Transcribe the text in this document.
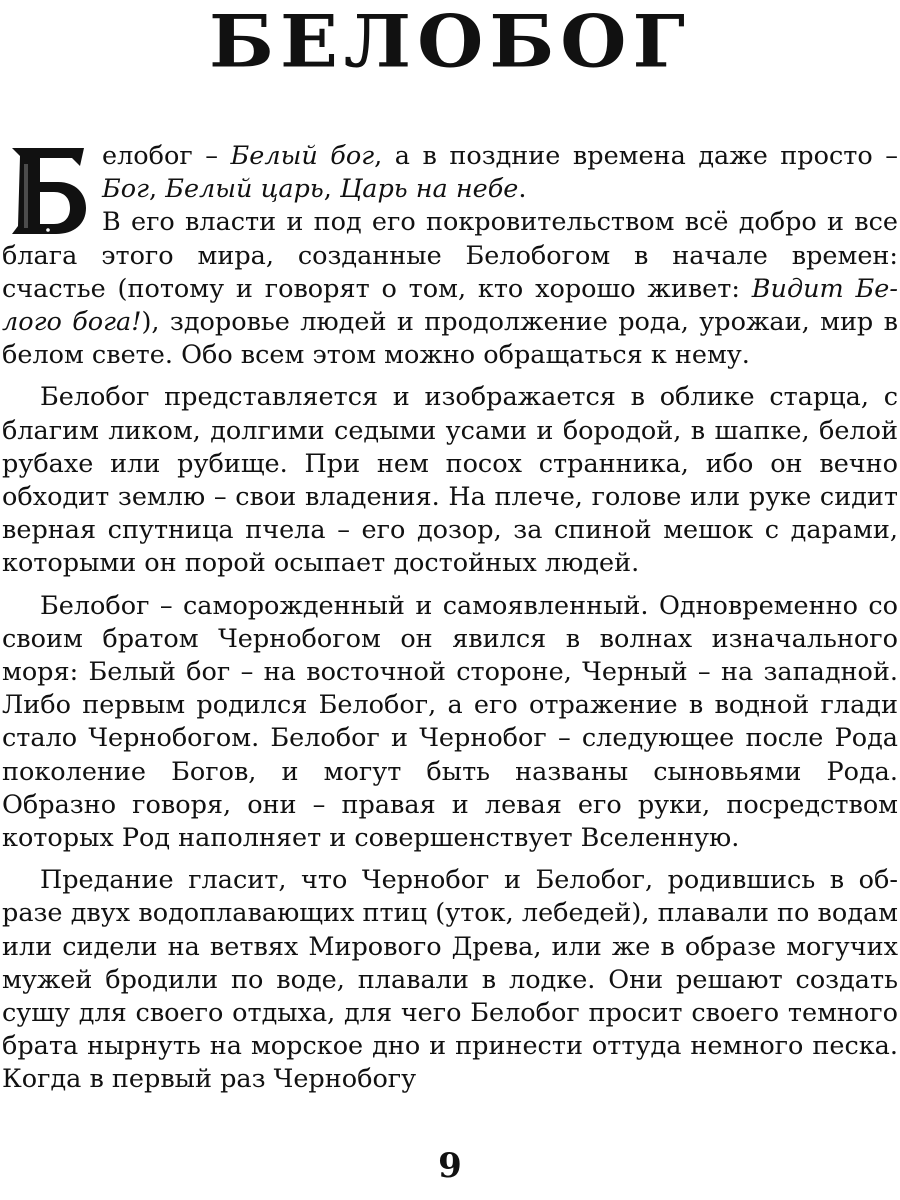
БЕЛОБОГ

елобог – Белый бог, а в поздние времена даже просто – Бог, Белый царь, Царь на небе.

В его власти и под его покровительством всё добро и все блага этого мира, созданные Белобогом в начале времен: счастье (потому и говорят о том, кто хорошо живет: Видит Белого бога!), здоровье людей и продолжение рода, урожаи, мир в белом свете. Обо всем этом можно обращаться к нему.

Белобог представляется и изображается в облике старца, с благим ликом, долгими седыми усами и бородой, в шапке, белой рубахе или рубище. При нем посох странника, ибо он вечно обходит землю – свои владения. На плече, голове или руке сидит верная спутница пчела – его дозор, за спиной мешок с дарами, которыми он порой осыпает достойных людей.

Белобог – саморожденный и самоявленный. Одновременно со своим братом Чернобогом он явился в волнах изначального моря: Белый бог – на восточной стороне, Черный – на западной. Либо первым родился Белобог, а его отражение в водной глади стало Чернобогом. Белобог и Чернобог – следующее после Рода поколение Богов, и могут быть названы сыновьями Рода. Образно говоря, они – правая и левая его руки, посредством которых Род наполняет и совершенствует Вселенную.

Предание гласит, что Чернобог и Белобог, родившись в образе двух водоплавающих птиц (уток, лебедей), плавали по водам или сидели на ветвях Мирового Древа, или же в образе могучих мужей бродили по воде, плавали в лодке. Они решают создать сушу для своего отдыха, для чего Белобог просит своего темного брата нырнуть на морское дно и принести оттуда немного песка. Когда в первый раз Чернобогу

9
